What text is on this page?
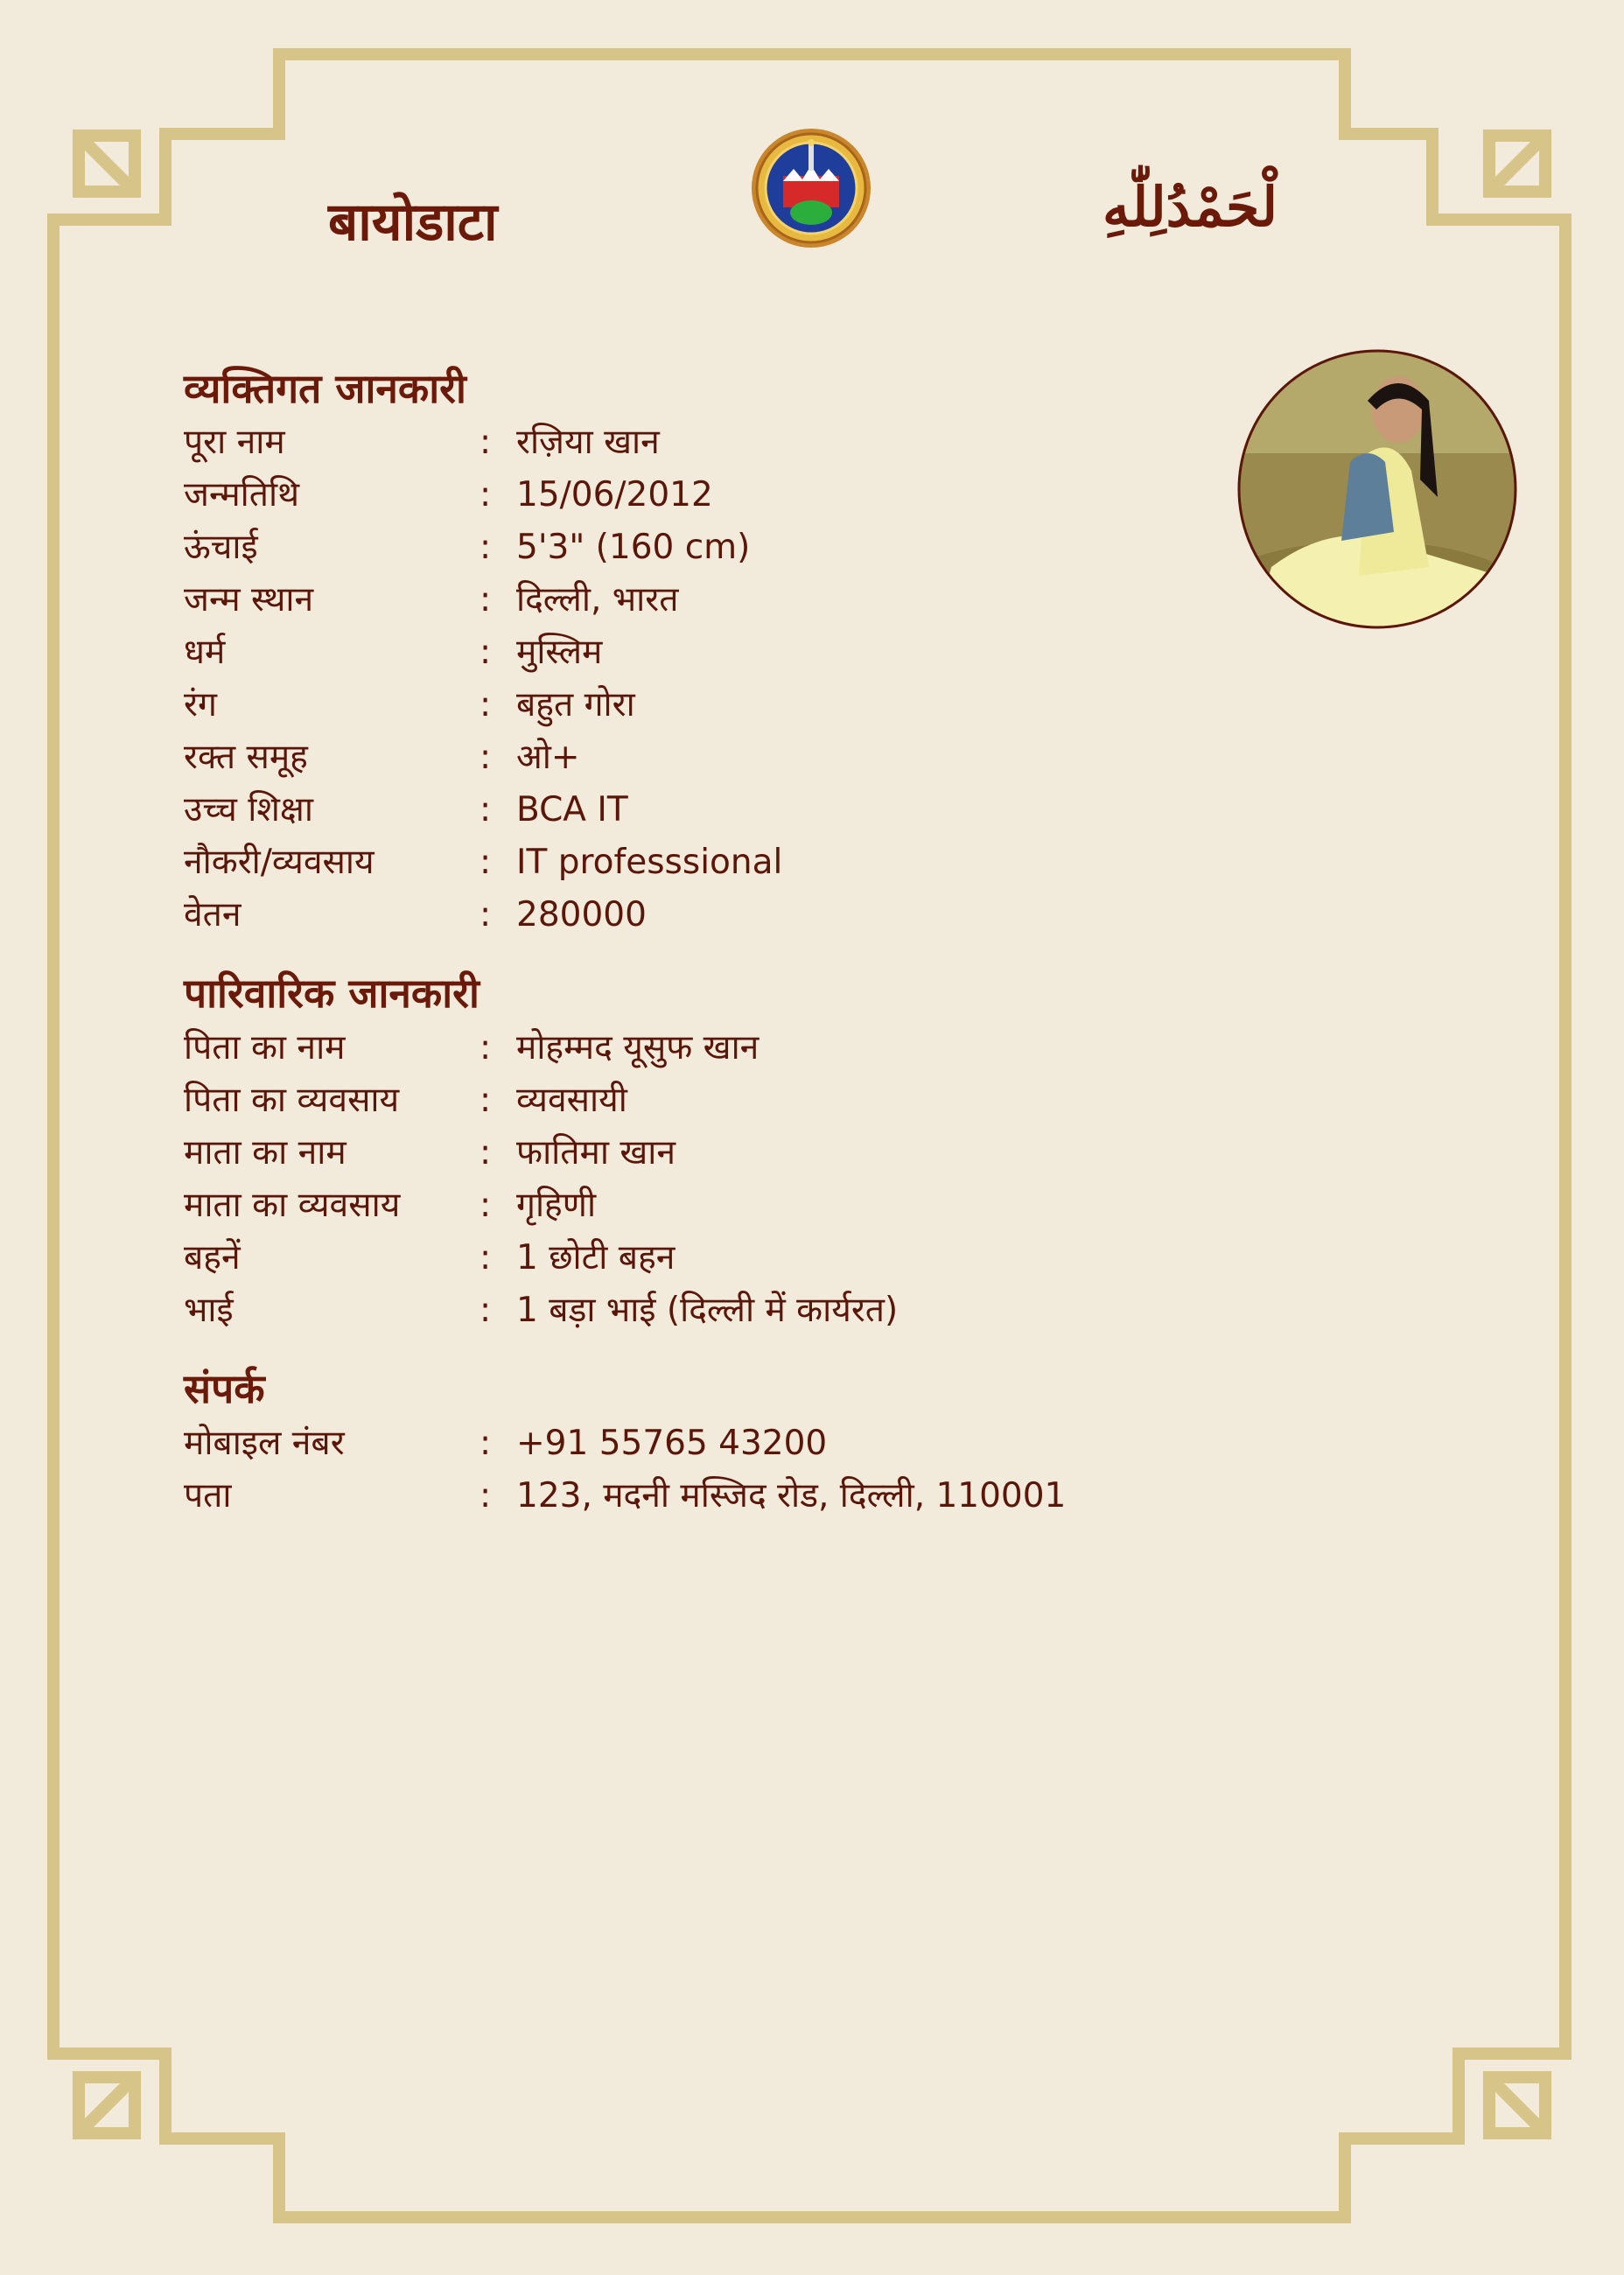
बायोडाटा	لْحَمْدُلِلّٰهِ
व्यक्तिगत जानकारी
पूरा नाम	: रज़िया खान
जन्मतिथि	: 15/06/2012
ऊंचाई	: 5'3" (160 cm)
जन्म स्थान	: दिल्ली, भारत
धर्म	: मुस्लिम
रंग	: बहुत गोरा
रक्त समूह	: ओ+
उच्च शिक्षा	: BCA IT
नौकरी/व्यवसाय	: IT professsional
वेतन	: 280000
पारिवारिक जानकारी
पिता का नाम	: मोहम्मद यूसुफ खान
पिता का व्यवसाय : व्यवसायी
माता का नाम	: फातिमा खान
माता का व्यवसाय : गृहिणी
बहनें	: 1 छोटी बहन
भाई	: 1 बड़ा भाई (दिल्ली में कार्यरत)
संपर्क
मोबाइल नंबर	: +91 55765 43200
पता	: 123, मदनी मस्जिद रोड, दिल्ली, 110001
